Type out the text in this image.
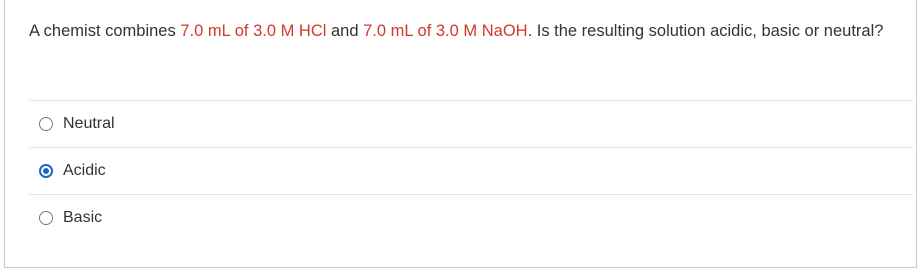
A chemist combines 7.0 mL of 3.0 M HCl and 7.0 mL of 3.0 M NaOH. Is the resulting solution acidic, basic or neutral?
Neutral
Acidic
Basic
